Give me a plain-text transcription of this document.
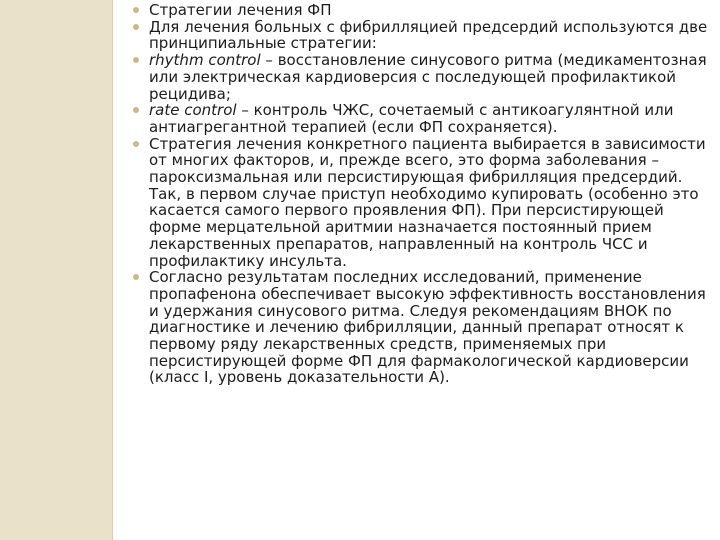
Стратегии лечения ФП
Для лечения больных с фибрилляцией предсердий используются две принципиальные стратегии:
rhythm control – восстановление синусового ритма (медикаментозная или электрическая кардиоверсия с последующей профилактикой рецидива;
rate control – контроль ЧЖС, сочетаемый с антикоагулянтной или антиагрегантной терапией (если ФП сохраняется).
Стратегия лечения конкретного пациента выбирается в зависимости от многих факторов, и, прежде всего, это форма заболевания – пароксизмальная или персистирующая фибрилляция предсердий. Так, в первом случае приступ необходимо купировать (особенно это касается самого первого проявления ФП). При персистирующей форме мерцательной аритмии назначается постоянный прием лекарственных препаратов, направленный на контроль ЧСС и профилактику инсульта.
Согласно результатам последних исследований, применение пропафенона обеспечивает высокую эффективность восстановления и удержания синусового ритма. Следуя рекомендациям ВНОК по диагностике и лечению фибрилляции, данный препарат относят к первому ряду лекарственных средств, применяемых при персистирующей форме ФП для фармакологической кардиоверсии (класс I, уровень доказательности А).
